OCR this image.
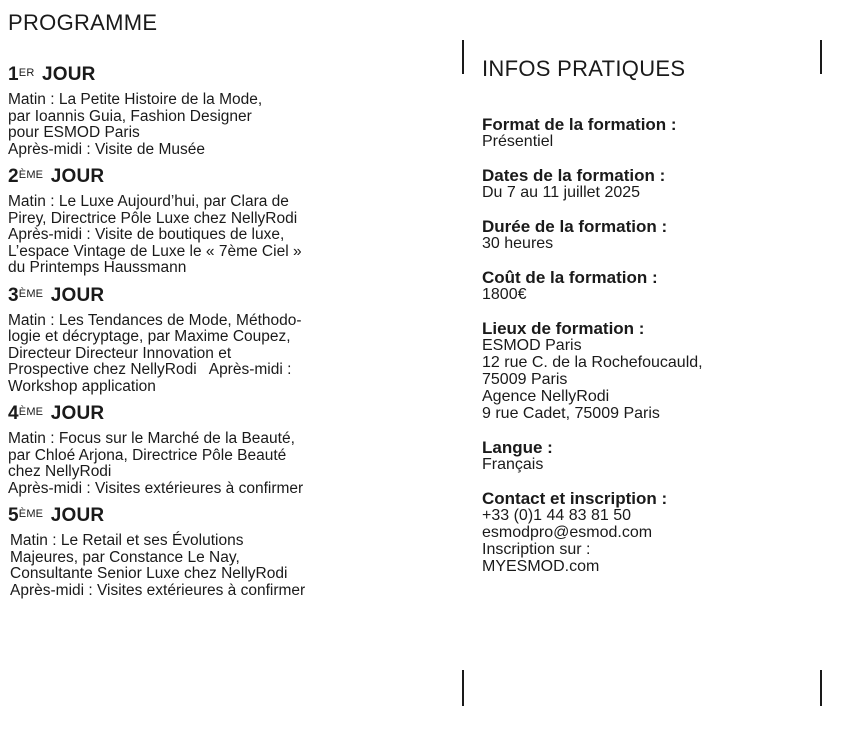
PROGRAMME
1ER JOUR
Matin : La Petite Histoire de la Mode,
par Ioannis Guia, Fashion Designer
pour ESMOD Paris
Après-midi : Visite de Musée
2ÈME JOUR
Matin : Le Luxe Aujourd’hui, par Clara de
Pirey, Directrice Pôle Luxe chez NellyRodi
Après-midi : Visite de boutiques de luxe,
L’espace Vintage de Luxe le « 7ème Ciel »
du Printemps Haussmann
3ÈME JOUR
Matin : Les Tendances de Mode, Méthodo-
logie et décryptage, par Maxime Coupez,
Directeur Directeur Innovation et
Prospective chez NellyRodi   Après-midi :
Workshop application
4ÈME JOUR
Matin : Focus sur le Marché de la Beauté,
par Chloé Arjona, Directrice Pôle Beauté
chez NellyRodi
Après-midi : Visites extérieures à confirmer
5ÈME JOUR
Matin : Le Retail et ses Évolutions
Majeures, par Constance Le Nay,
Consultante Senior Luxe chez NellyRodi
Après-midi : Visites extérieures à confirmer
INFOS PRATIQUES
Format de la formation :
Présentiel
Dates de la formation :
Du 7 au 11 juillet 2025
Durée de la formation :
30 heures
Coût de la formation :
1800€
Lieux de formation :
ESMOD Paris
12 rue C. de la Rochefoucauld,
75009 Paris
Agence NellyRodi
9 rue Cadet, 75009 Paris
Langue :
Français
Contact et inscription :
+33 (0)1 44 83 81 50
esmodpro@esmod.com
Inscription sur :
MYESMOD.com
